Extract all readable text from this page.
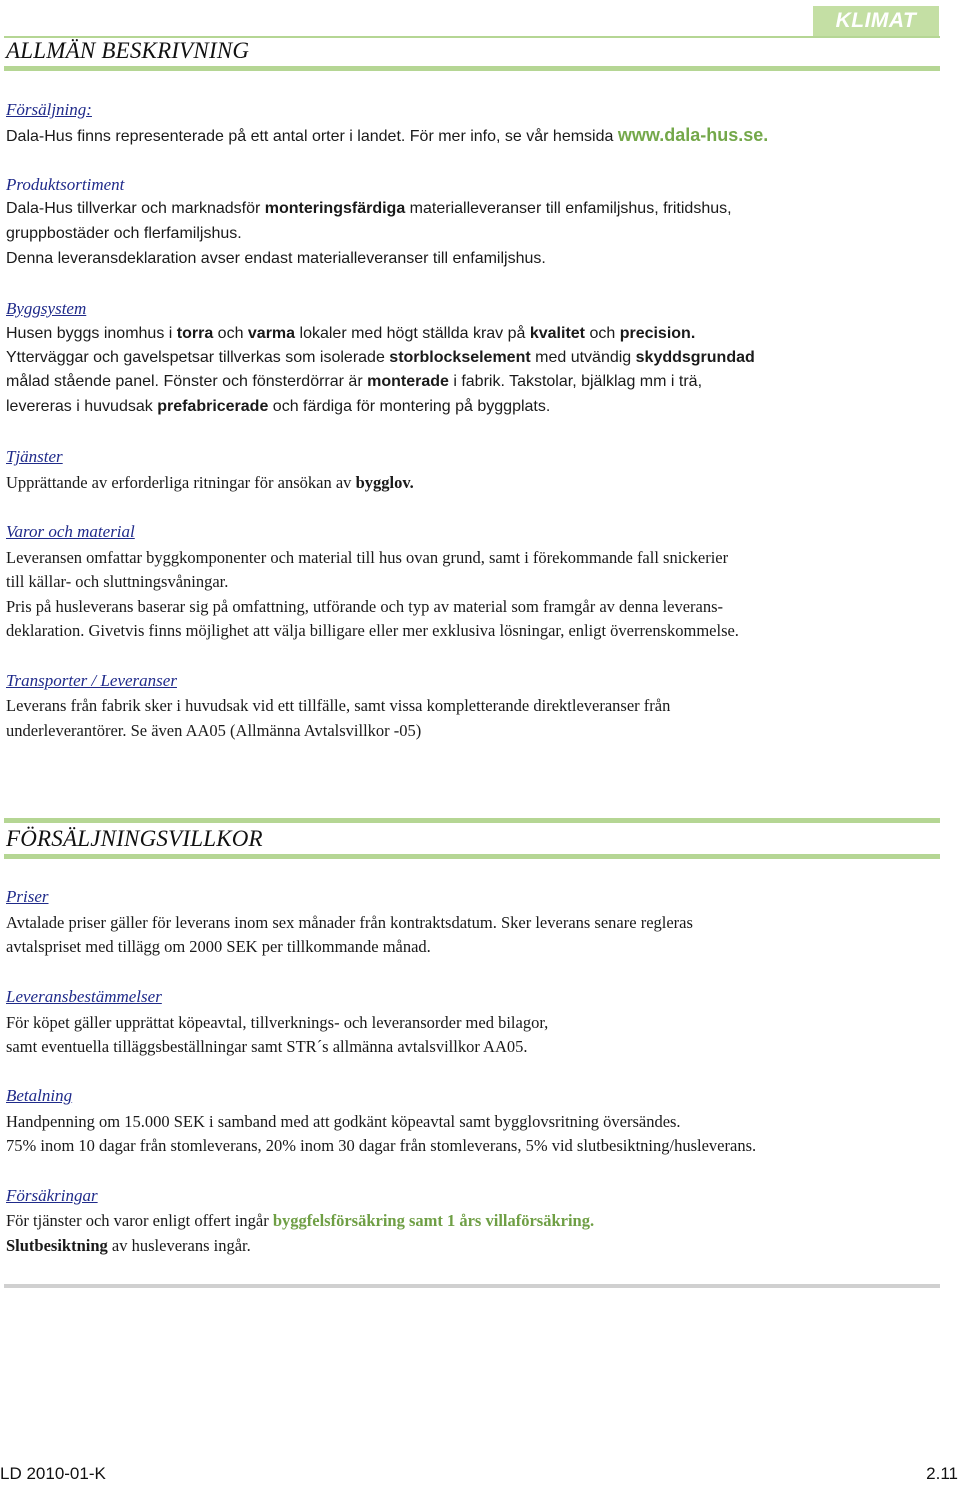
KLIMAT
ALLMÄN BESKRIVNING
Försäljning:
Dala-Hus finns representerade på ett antal orter i landet. För mer info, se vår hemsida www.dala-hus.se.
Produktsortiment
Dala-Hus tillverkar och marknadsför monteringsfärdiga materialleveranser till enfamiljshus, fritidshus,
gruppbostäder och flerfamiljshus.
Denna leveransdeklaration avser endast materialleveranser till enfamiljshus.
Byggsystem
Husen byggs inomhus i torra och varma lokaler med högt ställda krav på kvalitet och precision.
Ytterväggar och gavelspetsar tillverkas som isolerade storblockselement med utvändig skyddsgrundad
målad stående panel. Fönster och fönsterdörrar är monterade i fabrik. Takstolar, bjälklag mm i trä,
levereras i huvudsak prefabricerade och färdiga för montering på byggplats.
Tjänster
Upprättande av erforderliga ritningar för ansökan av bygglov.
Varor och material
Leveransen omfattar byggkomponenter och material till hus ovan grund, samt i förekommande fall snickerier
till källar- och sluttningsvåningar.
Pris på husleverans baserar sig på omfattning, utförande och typ av material som framgår av denna leverans-
deklaration. Givetvis finns möjlighet att välja billigare eller mer exklusiva lösningar, enligt överrenskommelse.
Transporter / Leveranser
Leverans från fabrik sker i huvudsak vid ett tillfälle, samt vissa kompletterande direktleveranser från
underleverantörer. Se även AA05 (Allmänna Avtalsvillkor -05)
FÖRSÄLJNINGSVILLKOR
Priser
Avtalade priser gäller för leverans inom sex månader från kontraktsdatum. Sker leverans senare regleras
avtalspriset med tillägg om 2000 SEK per tillkommande månad.
Leveransbestämmelser
För köpet gäller upprättat köpeavtal, tillverknings- och leveransorder med bilagor,
samt eventuella tilläggsbeställningar samt STR´s allmänna avtalsvillkor AA05.
Betalning
Handpenning om 15.000 SEK i samband med att godkänt köpeavtal samt bygglovsritning översändes.
75% inom 10 dagar från stomleverans, 20% inom 30 dagar från stomleverans, 5% vid slutbesiktning/husleverans.
Försäkringar
För tjänster och varor enligt offert ingår byggfelsförsäkring samt 1 års villaförsäkring.
Slutbesiktning av husleverans ingår.
LD 2010-01-K	2.11
